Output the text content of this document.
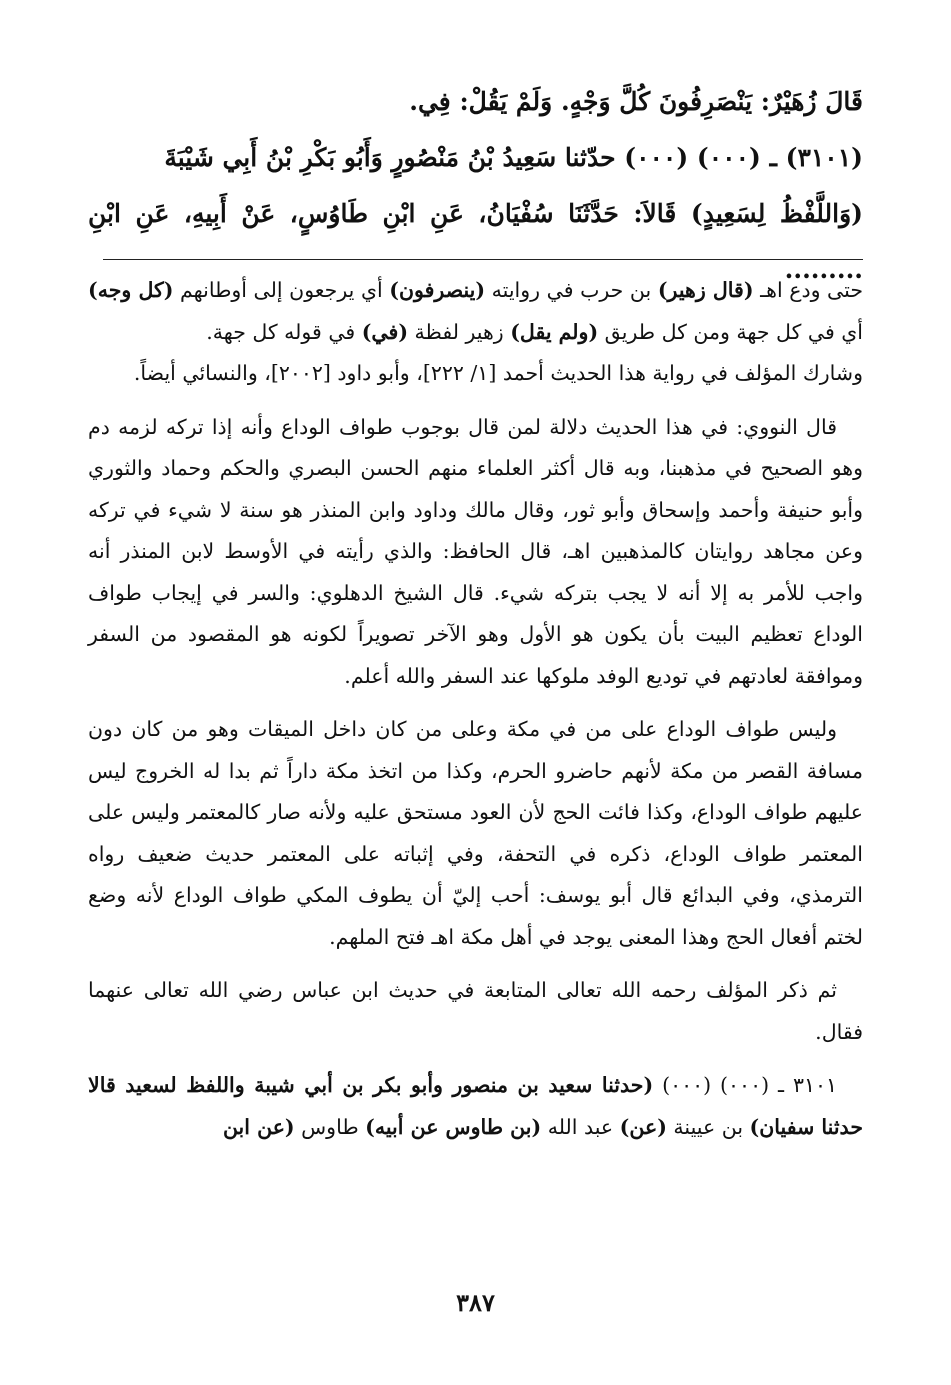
قَالَ زُهَيْرٌ: يَنْصَرِفُونَ كُلَّ وَجْهٍ. وَلَمْ يَقُلْ: فِي.

(٣١٠١) ـ (٠٠٠) (٠٠٠) حدّثنا سَعِيدُ بْنُ مَنْصُورٍ وَأَبُو بَكْرِ بْنُ أَبِي شَيْبَةَ

(وَاللَّفْظُ لِسَعِيدٍ) قَالاَ: حَدَّثَنَا سُفْيَانُ، عَنِ ابْنِ طَاوُسٍ، عَنْ أَبِيهِ، عَنِ ابْنِ .........

حتى ودع اهـ (قال زهير) بن حرب في روايته (ينصرفون) أي يرجعون إلى أوطانهم (كل وجه) أي في كل جهة ومن كل طريق (ولم يقل) زهير لفظة (في) في قوله كل جهة.
وشارك المؤلف في رواية هذا الحديث أحمد [١/ ٢٢٢]، وأبو داود [٢٠٠٢]، والنسائي أيضاً.

قال النووي: في هذا الحديث دلالة لمن قال بوجوب طواف الوداع وأنه إذا تركه لزمه دم وهو الصحيح في مذهبنا، وبه قال أكثر العلماء منهم الحسن البصري والحكم وحماد والثوري وأبو حنيفة وأحمد وإسحاق وأبو ثور، وقال مالك وداود وابن المنذر هو سنة لا شيء في تركه وعن مجاهد روايتان كالمذهبين اهـ، قال الحافظ: والذي رأيته في الأوسط لابن المنذر أنه واجب للأمر به إلا أنه لا يجب بتركه شيء. قال الشيخ الدهلوي: والسر في إيجاب طواف الوداع تعظيم البيت بأن يكون هو الأول وهو الآخر تصويراً لكونه هو المقصود من السفر وموافقة لعادتهم في توديع الوفد ملوكها عند السفر والله أعلم.

وليس طواف الوداع على من في مكة وعلى من كان داخل الميقات وهو من كان دون مسافة القصر من مكة لأنهم حاضرو الحرم، وكذا من اتخذ مكة داراً ثم بدا له الخروج ليس عليهم طواف الوداع، وكذا فائت الحج لأن العود مستحق عليه ولأنه صار كالمعتمر وليس على المعتمر طواف الوداع، ذكره في التحفة، وفي إثباته على المعتمر حديث ضعيف رواه الترمذي، وفي البدائع قال أبو يوسف: أحب إليّ أن يطوف المكي طواف الوداع لأنه وضع لختم أفعال الحج وهذا المعنى يوجد في أهل مكة اهـ فتح الملهم.

ثم ذكر المؤلف رحمه الله تعالى المتابعة في حديث ابن عباس رضي الله تعالى عنهما فقال.

٣١٠١ ـ (٠٠٠) (٠٠٠) (حدثنا سعيد بن منصور وأبو بكر بن أبي شيبة واللفظ لسعيد قالا حدثنا سفيان) بن عيينة (عن) عبد الله (بن طاوس عن أبيه) طاوس (عن ابن

٣٨٧
